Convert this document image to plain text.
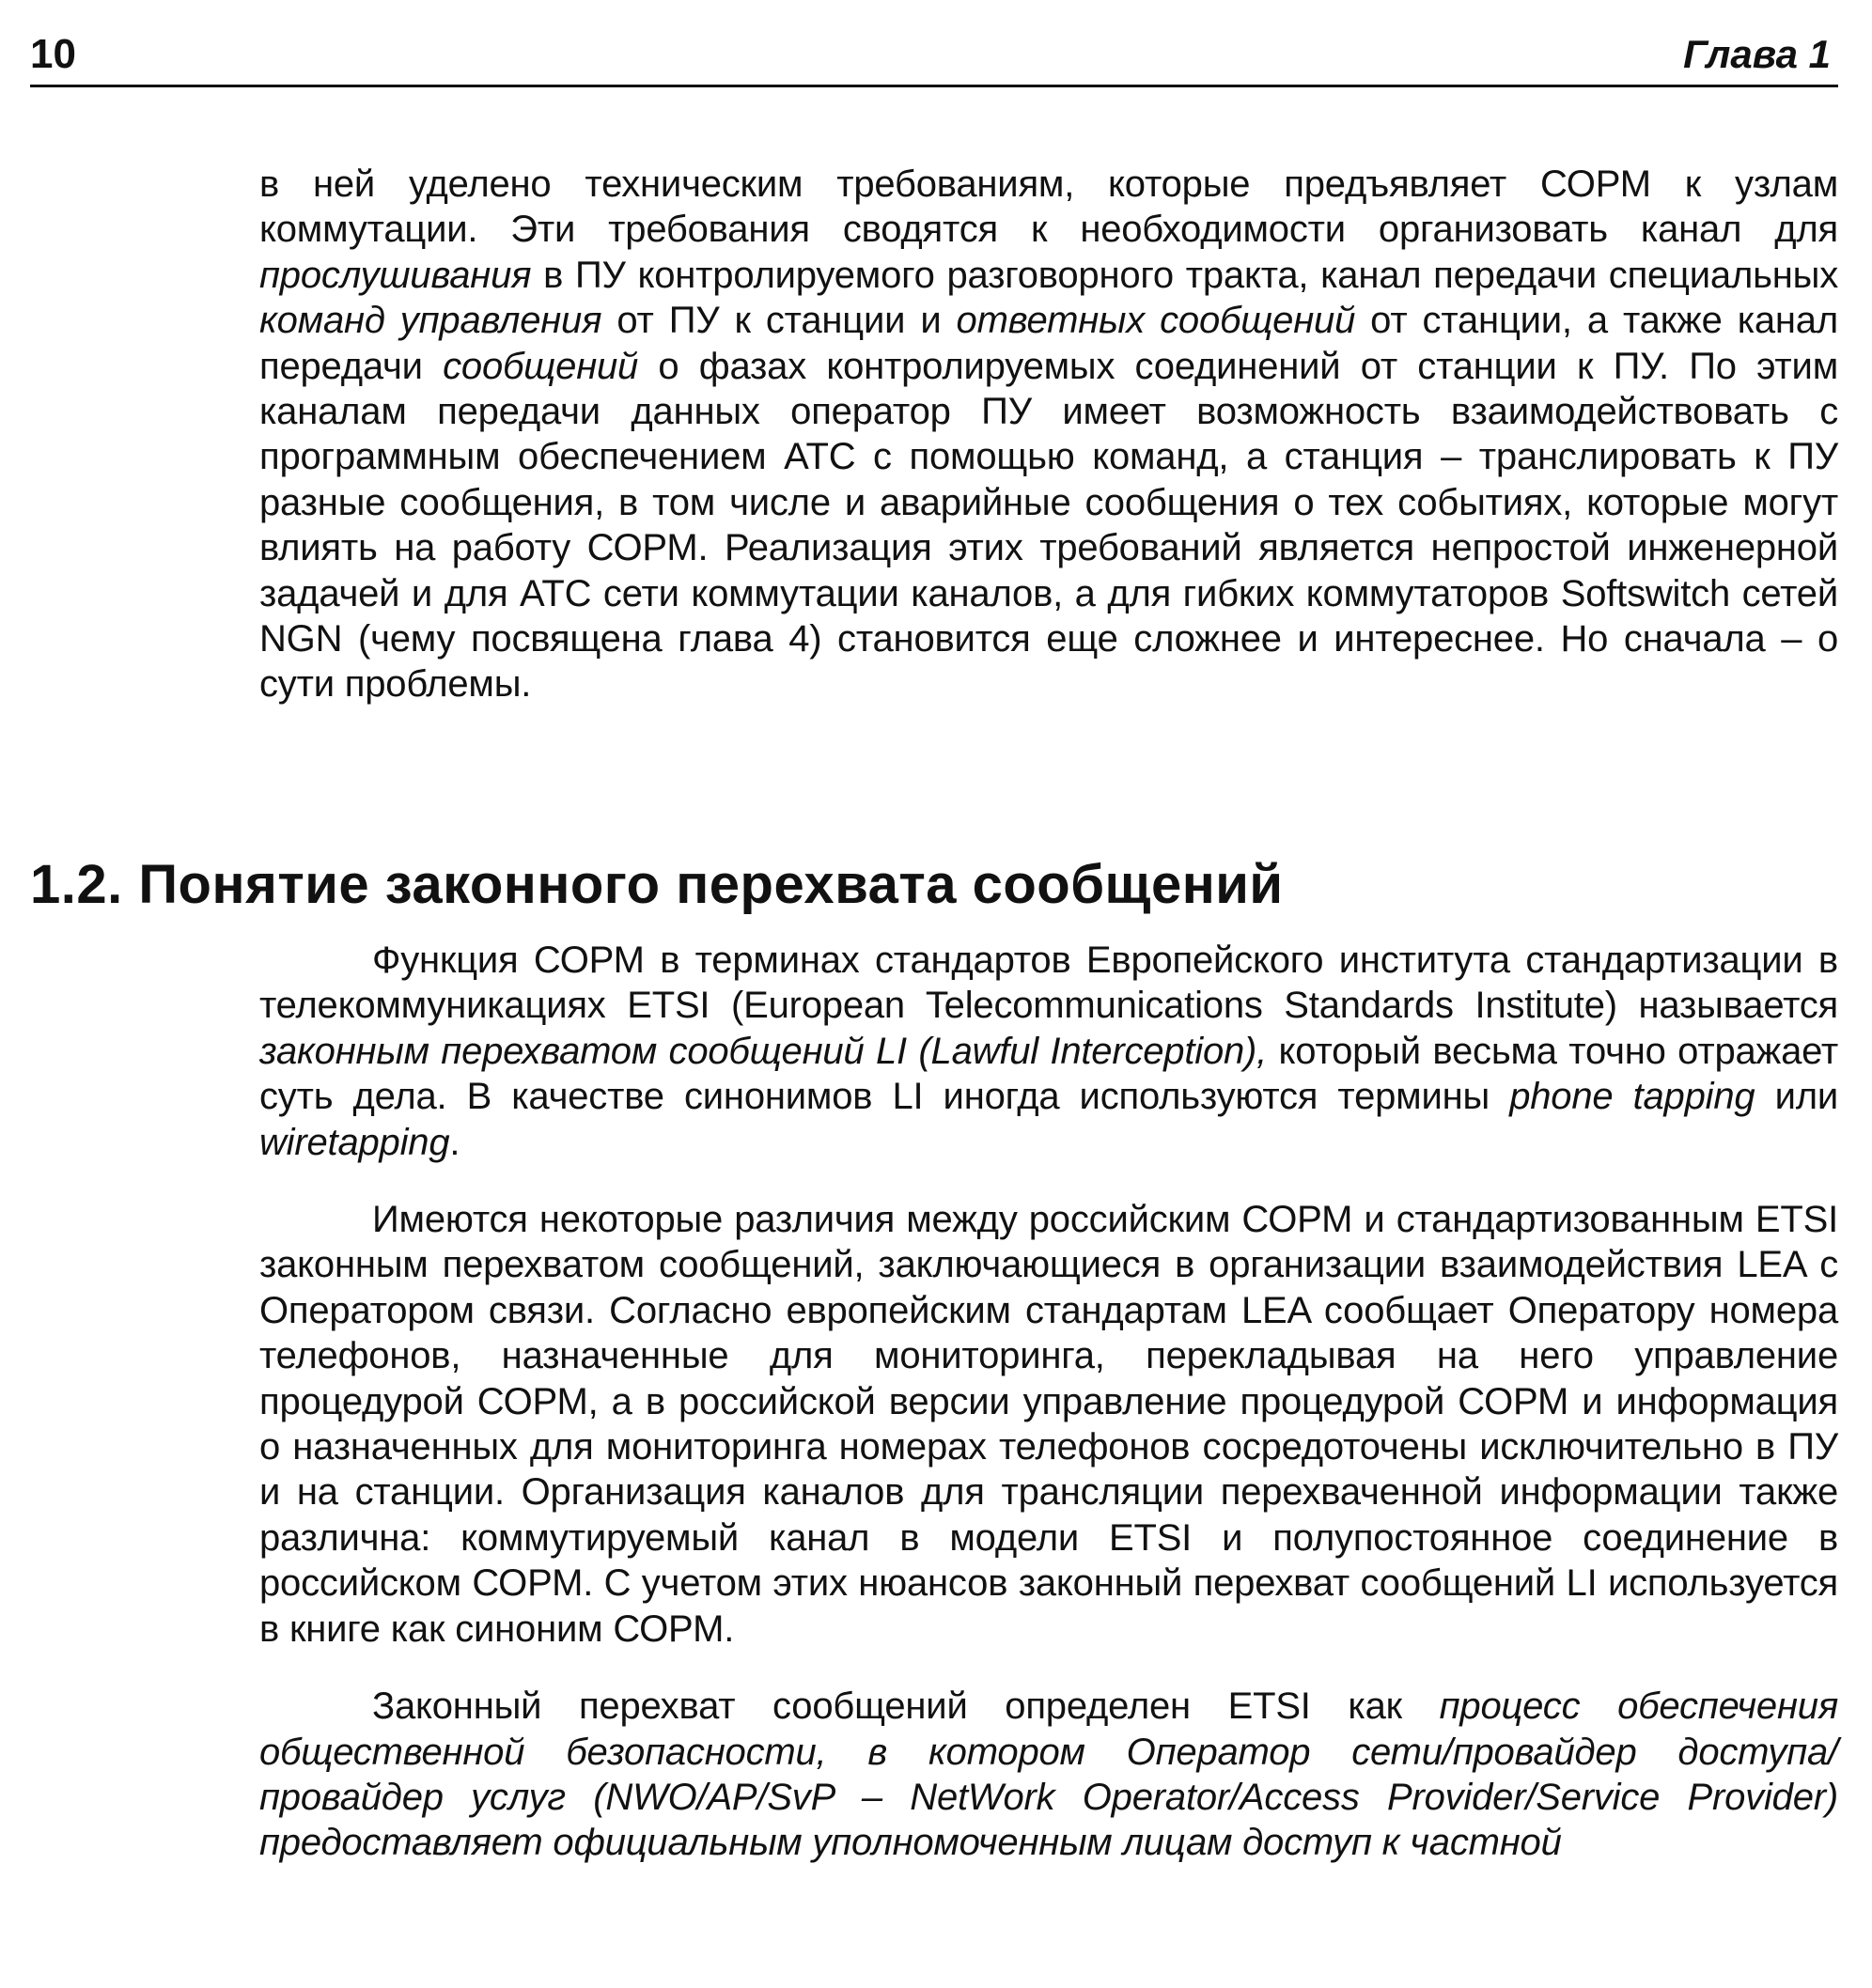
10	Глава 1

в ней уделено техническим требованиям, которые предъявляет СОРМ к узлам коммутации. Эти требования сводятся к необходимости организовать канал для прослушивания в ПУ контролируемого разговорного тракта, канал передачи специальных команд управления от ПУ к станции и ответных сообщений от станции, а также канал передачи сообщений о фазах контролируемых соединений от станции к ПУ. По этим каналам передачи данных оператор ПУ имеет возможность взаимодействовать с программным обеспечением АТС с помощью команд, а станция – транслировать к ПУ разные сообщения, в том числе и аварийные сообщения о тех событиях, которые могут влиять на работу СОРМ. Реализация этих требований является непростой инженерной задачей и для АТС сети коммутации каналов, а для гибких коммутаторов Softswitch сетей NGN (чему посвящена глава 4) становится еще сложнее и интереснее. Но сначала – о сути проблемы.

1.2. Понятие законного перехвата сообщений

Функция СОРМ в терминах стандартов Европейского института стандартизации в телекоммуникациях ETSI (European Telecommunications Standards Institute) называется законным перехватом сообщений LI (Lawful Interception), который весьма точно отражает суть дела. В качестве синонимов LI иногда используются термины phone tapping или wiretapping.

Имеются некоторые различия между российским СОРМ и стандартизованным ETSI законным перехватом сообщений, заключающиеся в организации взаимодействия LEA с Оператором связи. Согласно европейским стандартам LEA сообщает Оператору номера телефонов, назначенные для мониторинга, перекладывая на него управление процедурой СОРМ, а в российской версии управление процедурой СОРМ и информация о назначенных для мониторинга номерах телефонов сосредоточены исключительно в ПУ и на станции. Организация каналов для трансляции перехваченной информации также различна: коммутируемый канал в модели ETSI и полупостоянное соединение в российском СОРМ. С учетом этих нюансов законный перехват сообщений LI используется в книге как синоним СОРМ.

Законный перехват сообщений определен ETSI как процесс обеспечения общественной безопасности, в котором Оператор сети/провайдер доступа/ провайдер услуг (NWO/AP/SvP – NetWork Operator/Access Provider/Service Provider) предоставляет официальным уполномоченным лицам доступ к частной
